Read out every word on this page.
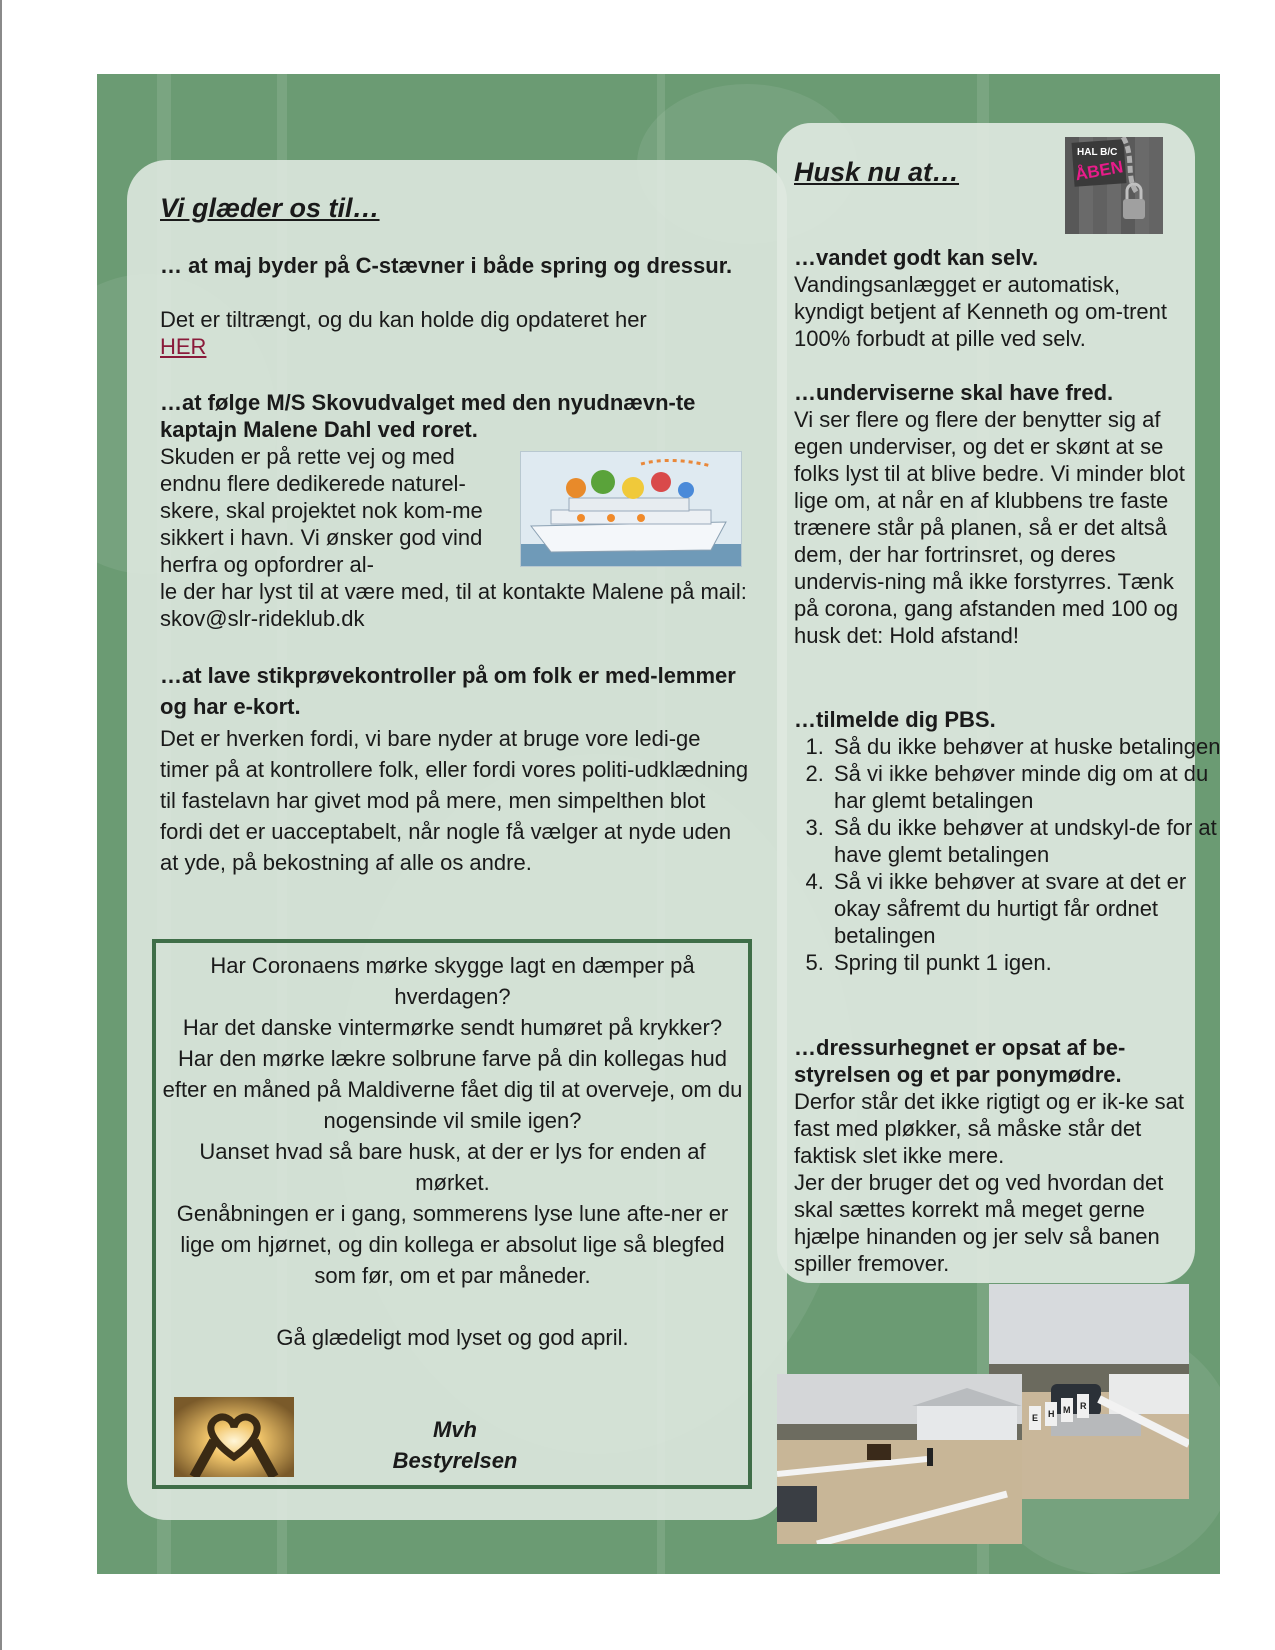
Vi glæder os til…

… at maj byder på C-stævner i både spring og dressur.

Det er tiltrængt, og du kan holde dig opdateret her
HER

…at følge M/S Skovudvalget med den nyudnævn-te kaptajn Malene Dahl ved roret.

Skuden er på rette vej og med endnu flere dedikerede naturel-skere, skal projektet nok kom-me sikkert i havn. Vi ønsker god vind herfra og opfordrer al-

le der har lyst til at være med, til at kontakte Malene på mail: skov@slr-rideklub.dk

…at lave stikprøvekontroller på om folk er med-lemmer og har e-kort.

Det er hverken fordi, vi bare nyder at bruge vore ledi-ge timer på at kontrollere folk, eller fordi vores politi-udklædning til fastelavn har givet mod på mere, men simpelthen blot fordi det er uacceptabelt, når nogle få vælger at nyde uden at yde, på bekostning af alle os andre.

Har Coronaens mørke skygge lagt en dæmper på hverdagen?
Har det danske vintermørke sendt humøret på krykker?
Har den mørke lækre solbrune farve på din kollegas hud efter en måned på Maldiverne fået dig til at overveje, om du nogensinde vil smile igen?
Uanset hvad så bare husk, at der er lys for enden af mørket.
Genåbningen er i gang, sommerens lyse lune afte-ner er lige om hjørnet, og din kollega er absolut lige så blegfed som før, om et par måneder.
Gå glædeligt mod lyset og god april.

Mvh
Bestyrelsen

Husk nu at…
HAL B/C
ÅBEN

…vandet godt kan selv.

Vandingsanlægget er automatisk, kyndigt betjent af Kenneth og om-trent 100% forbudt at pille ved selv.

…underviserne skal have fred.

Vi ser flere og flere der benytter sig af egen underviser, og det er skønt at se folks lyst til at blive bedre. Vi minder blot lige om, at når en af klubbens tre faste trænere står på planen, så er det altså dem, der har fortrinsret, og deres undervis-ning må ikke forstyrres. Tænk på corona, gang afstanden med 100 og husk det: Hold afstand!

…tilmelde dig PBS.

1. Så du ikke behøver at huske betalingen
2. Så vi ikke behøver minde dig om at du har glemt betalingen
3. Så du ikke behøver at undskyl-de for at have glemt betalingen
4. Så vi ikke behøver at svare at det er okay såfremt du hurtigt får ordnet betalingen
5. Spring til punkt 1 igen.

…dressurhegnet er opsat af be-styrelsen og et par ponymødre.

Derfor står det ikke rigtigt og er ik-ke sat fast med pløkker, så måske står det faktisk slet ikke mere.

Jer der bruger det og ved hvordan det skal sættes korrekt må meget gerne hjælpe hinanden og jer selv så banen spiller fremover.

E H M R
